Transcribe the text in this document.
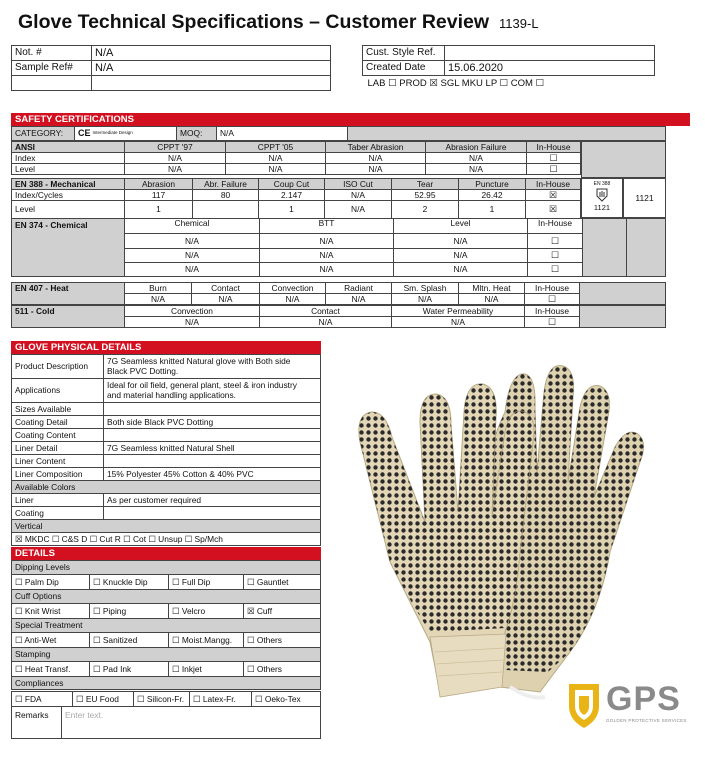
Glove Technical Specifications – Customer Review 1139-L
Not. #	N/A
Sample Ref#	N/A

Cust. Style Ref.	
Created Date	15.06.2020
LAB ☐ PROD ☒ SGL MKU LP ☐ COM ☐	
SAFETY CERTIFICATIONS
CATEGORY:	CE Intermediate Design	MOQ:	N/A	
ANSI	CPPT '97	CPPT '05	Taber Abrasion	Abrasion Failure	In-House
Index	N/A	N/A	N/A	N/A	☐
Level	N/A	N/A	N/A	N/A	☐
EN 388 - Mechanical	Abrasion	Abr. Failure	Coup Cut	ISO Cut	Tear	Puncture	In-House
Index/Cycles	117	80	2.147	N/A	52.95	26.42	☒
Level	1		1	N/A	2	1	☒
EN 388
1121
1121
EN 374 - Chemical	Chemical	BTT	Level	In-House		
	N/A	N/A	N/A	☐		
	N/A	N/A	N/A	☐		
	N/A	N/A	N/A	☐		
EN 407 - Heat	Burn	Contact	Convection	Radiant	Sm. Splash	Mltn. Heat	In-House	
	N/A	N/A	N/A	N/A	N/A	N/A	☐	
511 - Cold	Convection	Contact	Water Permeability	In-House	
	N/A	N/A	N/A	☐	
GLOVE PHYSICAL DETAILS
Product Description	7G Seamless knitted Natural glove with Both side
Black PVC Dotting.
Applications	Ideal for oil field, general plant, steel & iron industry
and material handling applications.
Sizes Available	
Coating Detail	Both side Black PVC Dotting
Coating Content	
Liner Detail	7G Seamless knitted Natural Shell
Liner Content	
Liner Composition	15% Polyester 45% Cotton & 40% PVC
Available Colors	
Liner	As per customer required
Coating	
Vertical	
☒ MKDC ☐ C&S D ☐ Cut R ☐ Cot ☐ Unsup ☐ Sp/Mch	
DETAILS
Dipping Levels			
☐ Palm Dip	☐ Knuckle Dip	☐ Full Dip	☐ Gauntlet
Cuff Options			
☐ Knit Wrist	☐ Piping	☐ Velcro	☒ Cuff
Special Treatment			
☐ Anti-Wet	☐ Sanitized	☐ Moist.Mangg.	☐ Others
Stamping			
☐ Heat Transf.	☐ Pad Ink	☐ Inkjet	☐ Others
Compliances			
☐ FDA	☐ EU Food	☐ Silicon-Fr.	☐ Latex-Fr.	☐ Oeko-Tex
Remarks	Enter text.	GPS
GOLDEN PROTECTIVE SERVICES
